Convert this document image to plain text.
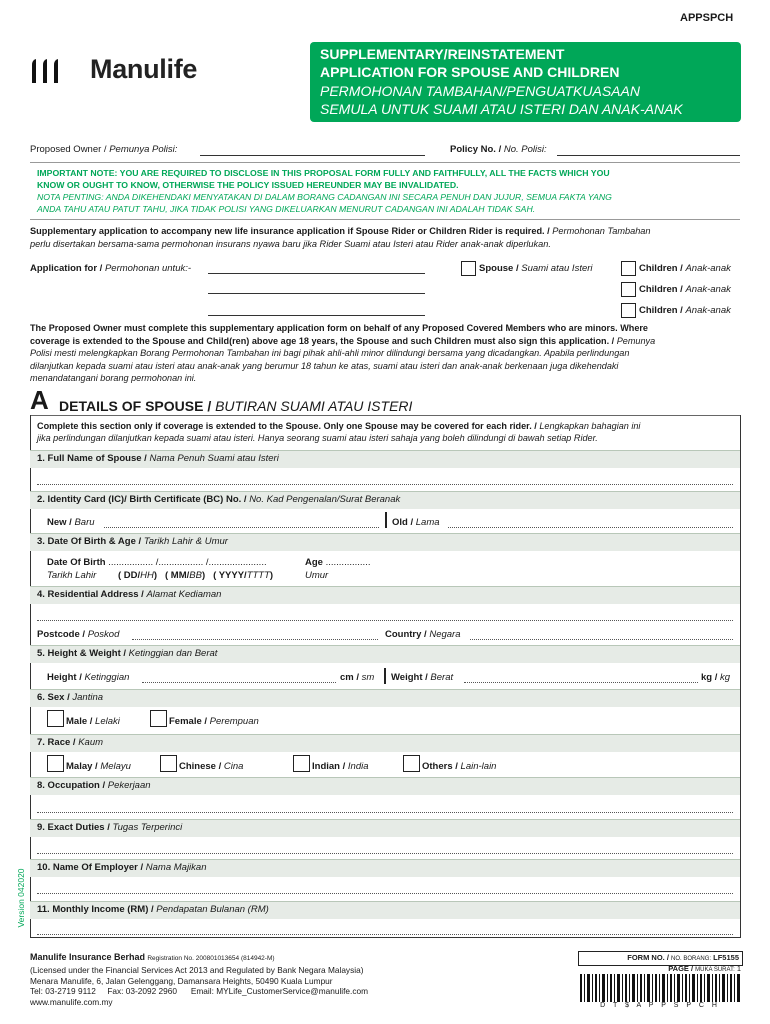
APPSPCH
Manulife	SUPPLEMENTARY/REINSTATEMENT
APPLICATION FOR SPOUSE AND CHILDREN
PERMOHONAN TAMBAHAN/PENGUATKUASAAN
SEMULA UNTUK SUAMI ATAU ISTERI DAN ANAK-ANAK
Proposed Owner / Pemunya Polisi:	Policy No. / No. Polisi:
IMPORTANT NOTE: YOU ARE REQUIRED TO DISCLOSE IN THIS PROPOSAL FORM FULLY AND FAITHFULLY, ALL THE FACTS WHICH YOU
KNOW OR OUGHT TO KNOW, OTHERWISE THE POLICY ISSUED HEREUNDER MAY BE INVALIDATED.
NOTA PENTING: ANDA DIKEHENDAKI MENYATAKAN DI DALAM BORANG CADANGAN INI SECARA PENUH DAN JUJUR, SEMUA FAKTA YANG
ANDA TAHU ATAU PATUT TAHU, JIKA TIDAK POLISI YANG DIKELUARKAN MENURUT CADANGAN INI ADALAH TIDAK SAH.
Supplementary application to accompany new life insurance application if Spouse Rider or Children Rider is required. / Permohonan Tambahan
perlu disertakan bersama-sama permohonan insurans nyawa baru jika Rider Suami atau Isteri atau Rider anak-anak diperlukan.
Application for / Permohonan untuk:-	Spouse / Suami atau Isteri	Children / Anak-anak
Children / Anak-anak
Children / Anak-anak
The Proposed Owner must complete this supplementary application form on behalf of any Proposed Covered Members who are minors. Where
coverage is extended to the Spouse and Child(ren) above age 18 years, the Spouse and such Children must also sign this application. / Pemunya
Polisi mesti melengkapkan Borang Permohonan Tambahan ini bagi pihak ahli-ahli minor dilindungi bersama yang dicadangkan. Apabila perlindungan
dilanjutkan kepada suami atau isteri atau anak-anak yang berumur 18 tahun ke atas, suami atau isteri dan anak-anak berkenaan juga dikehendaki
menandatangani borang permohonan ini.
A DETAILS OF SPOUSE / BUTIRAN SUAMI ATAU ISTERI
Complete this section only if coverage is extended to the Spouse. Only one Spouse may be covered for each rider. / Lengkapkan bahagian ini
jika perlindungan dilanjutkan kepada suami atau isteri. Hanya seorang suami atau isteri sahaja yang boleh dilindungi di bawah setiap Rider.
1. Full Name of Spouse / Nama Penuh Suami atau Isteri
2. Identity Card (IC)/ Birth Certificate (BC) No. / No. Kad Pengenalan/Surat Beranak
New / Baru	Old / Lama
3. Date Of Birth & Age / Tarikh Lahir & Umur
Date Of Birth ................. /................. /......................
Tarikh Lahir ( DD/HH) ( MM/BB) ( YYYY/TTTT)
Age .................
Umur
4. Residential Address / Alamat Kediaman
Postcode / Poskod	Country / Negara
5. Height & Weight / Ketinggian dan Berat
Height / Ketinggian	cm / sm Weight / Berat	kg / kg
6. Sex / Jantina
Male / Lelaki	Female / Perempuan
7. Race / Kaum
Malay / Melayu	Chinese / Cina	Indian / India	Others / Lain-lain
8. Occupation / Pekerjaan
9. Exact Duties / Tugas Terperinci
10. Name Of Employer / Nama Majikan
11. Monthly Income (RM) / Pendapatan Bulanan (RM)
Version 042020
Manulife Insurance Berhad Registration No. 200801013654 (814942-M)
(Licensed under the Financial Services Act 2013 and Regulated by Bank Negara Malaysia)
Menara Manulife, 6, Jalan Gelenggang, Damansara Heights, 50490 Kuala Lumpur
Tel: 03-2719 9112 Fax: 03-2092 2960 Email: MYLife_CustomerService@manulife.com
www.manulife.com.my
FORM NO. / NO. BORANG: LF5155
PAGE / MUKA SURAT: 1
D T $ A P P S P C H
